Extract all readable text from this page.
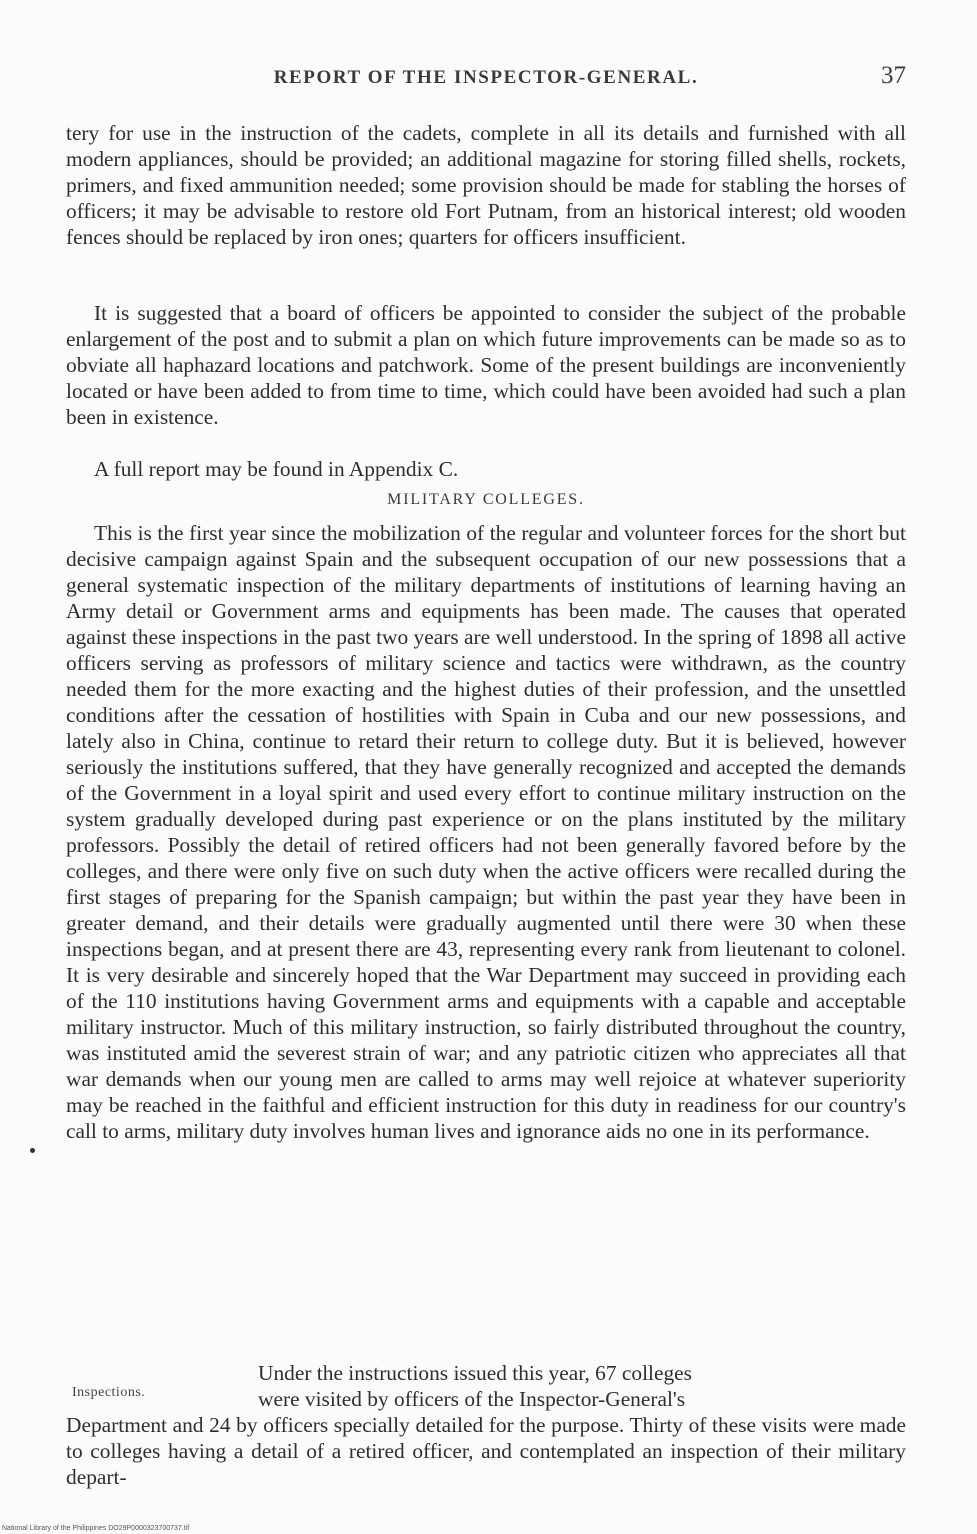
REPORT OF THE INSPECTOR-GENERAL.	37
tery for use in the instruction of the cadets, complete in all its details and furnished with all modern appliances, should be provided; an additional magazine for storing filled shells, rockets, primers, and fixed ammunition needed; some provision should be made for stabling the horses of officers; it may be advisable to restore old Fort Putnam, from an historical interest; old wooden fences should be replaced by iron ones; quarters for officers insufficient.
It is suggested that a board of officers be appointed to consider the subject of the probable enlargement of the post and to submit a plan on which future improvements can be made so as to obviate all haphazard locations and patchwork. Some of the present buildings are inconveniently located or have been added to from time to time, which could have been avoided had such a plan been in existence.
A full report may be found in Appendix C.
MILITARY COLLEGES.
This is the first year since the mobilization of the regular and volunteer forces for the short but decisive campaign against Spain and the subsequent occupation of our new possessions that a general systematic inspection of the military departments of institutions of learning having an Army detail or Government arms and equipments has been made. The causes that operated against these inspections in the past two years are well understood. In the spring of 1898 all active officers serving as professors of military science and tactics were withdrawn, as the country needed them for the more exacting and the highest duties of their profession, and the unsettled conditions after the cessation of hostilities with Spain in Cuba and our new possessions, and lately also in China, continue to retard their return to college duty. But it is believed, however seriously the institutions suffered, that they have generally recognized and accepted the demands of the Government in a loyal spirit and used every effort to continue military instruction on the system gradually developed during past experience or on the plans instituted by the military professors. Possibly the detail of retired officers had not been generally favored before by the colleges, and there were only five on such duty when the active officers were recalled during the first stages of preparing for the Spanish campaign; but within the past year they have been in greater demand, and their details were gradually augmented until there were 30 when these inspections began, and at present there are 43, representing every rank from lieutenant to colonel. It is very desirable and sincerely hoped that the War Department may succeed in providing each of the 110 institutions having Government arms and equipments with a capable and acceptable military instructor. Much of this military instruction, so fairly distributed throughout the country, was instituted amid the severest strain of war; and any patriotic citizen who appreciates all that war demands when our young men are called to arms may well rejoice at whatever superiority may be reached in the faithful and efficient instruction for this duty in readiness for our country's call to arms, military duty involves human lives and ignorance aids no one in its performance.
Inspections.
Under the instructions issued this year, 67 colleges
were visited by officers of the Inspector-General's
Department and 24 by officers specially detailed for the purpose. Thirty of these visits were made to colleges having a detail of a retired officer, and contemplated an inspection of their military depart-
National Library of the Philippines DO29P0000323700737.tif
